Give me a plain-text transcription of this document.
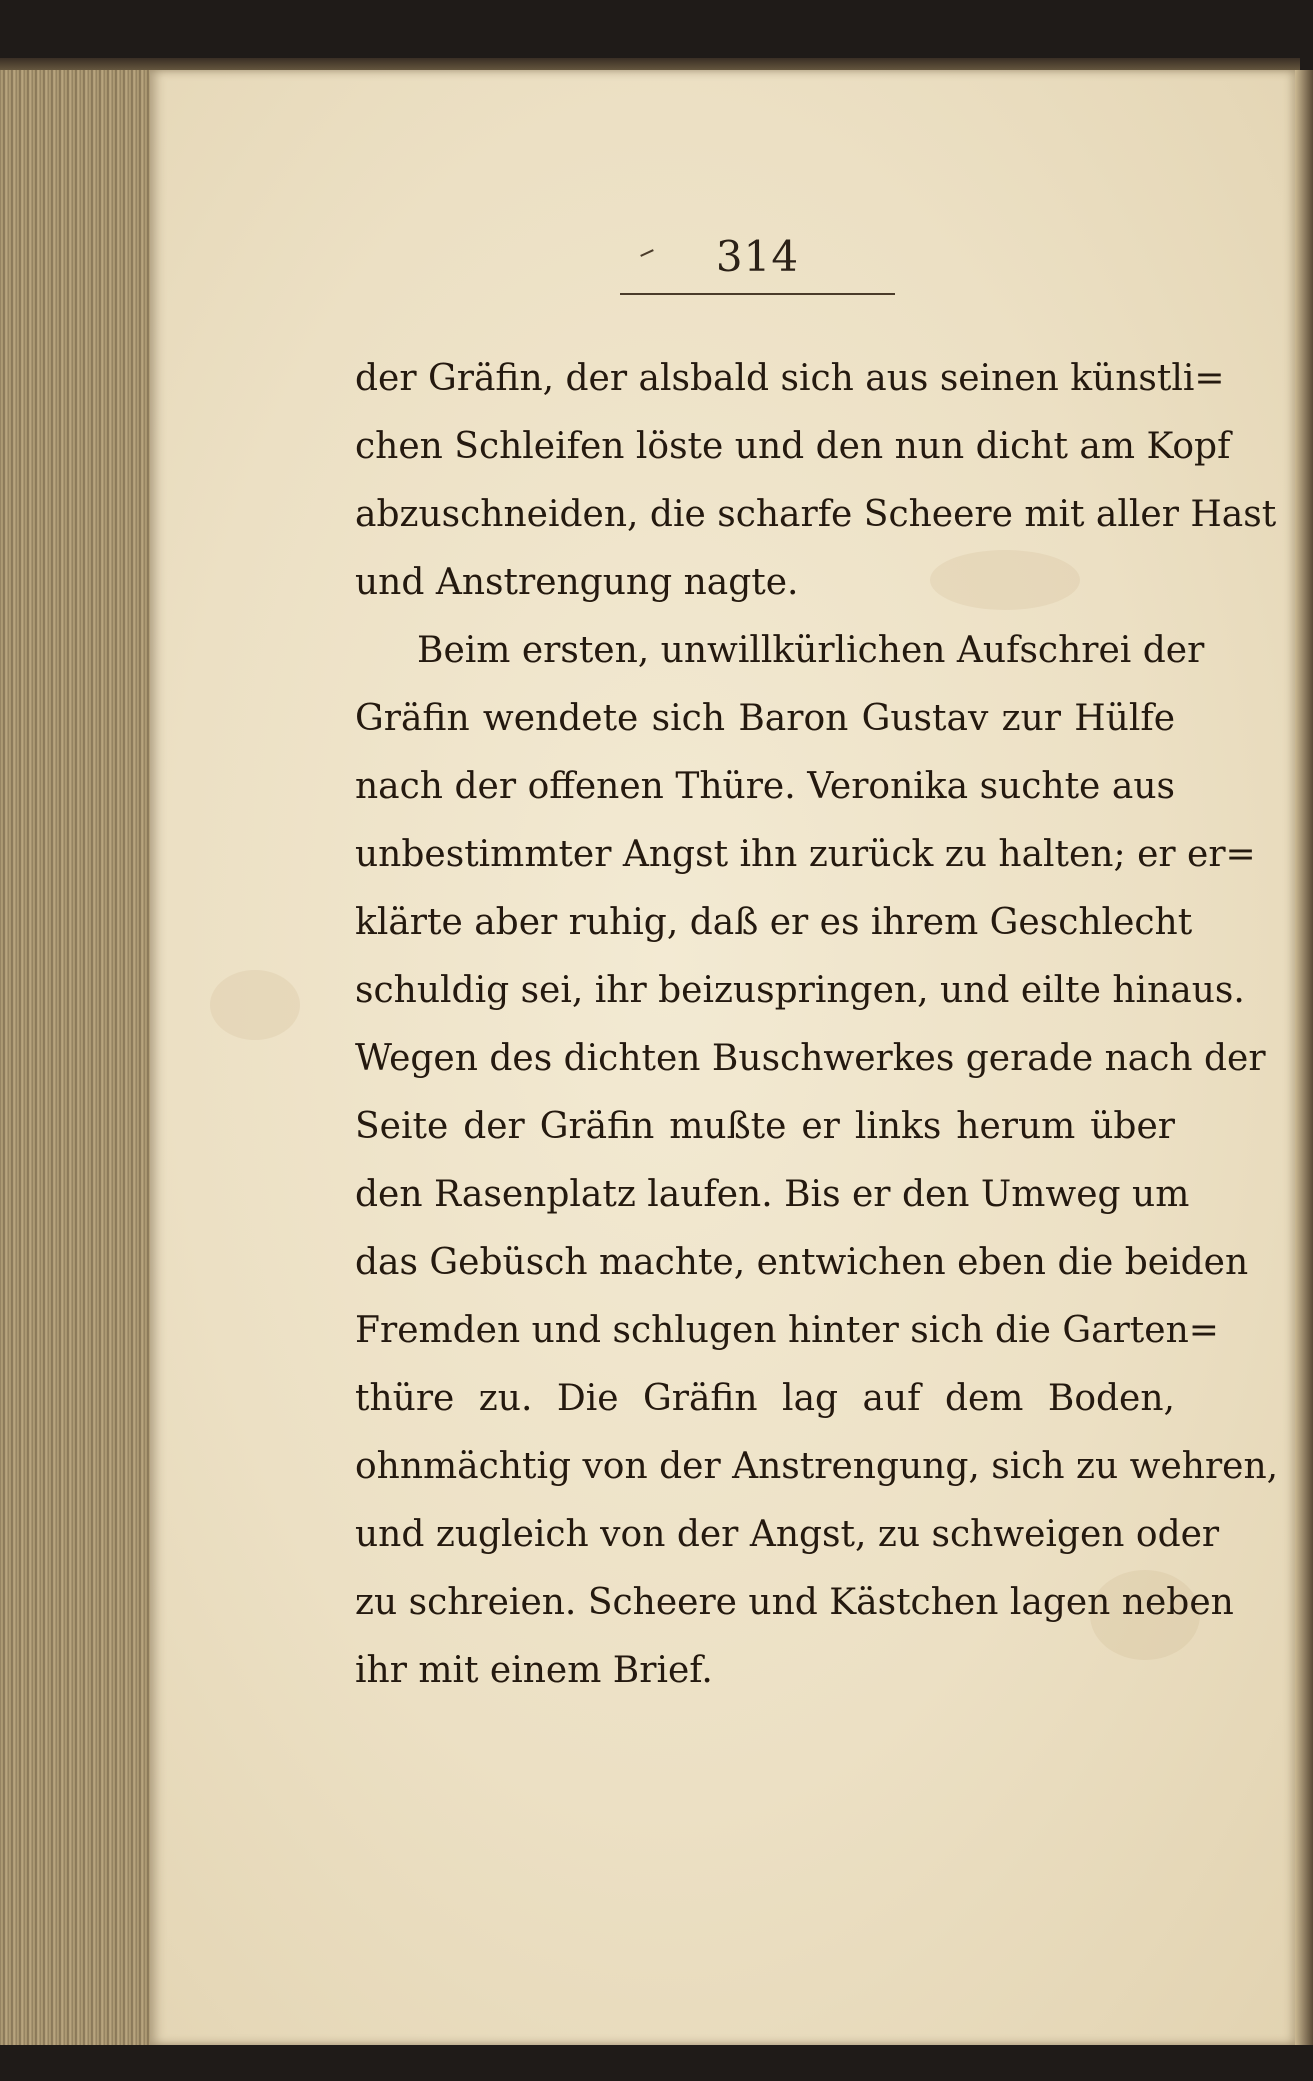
314
der Gräfin, der alsbald sich aus seinen künstli=
chen Schleifen löste und den nun dicht am Kopf
abzuschneiden, die scharfe Scheere mit aller Hast
und Anstrengung nagte.
Beim ersten, unwillkürlichen Aufschrei der
Gräfin wendete sich Baron Gustav zur Hülfe
nach der offenen Thüre. Veronika suchte aus
unbestimmter Angst ihn zurück zu halten; er er=
klärte aber ruhig, daß er es ihrem Geschlecht
schuldig sei, ihr beizuspringen, und eilte hinaus.
Wegen des dichten Buschwerkes gerade nach der
Seite der Gräfin mußte er links herum über
den Rasenplatz laufen. Bis er den Umweg um
das Gebüsch machte, entwichen eben die beiden
Fremden und schlugen hinter sich die Garten=
thüre zu. Die Gräfin lag auf dem Boden,
ohnmächtig von der Anstrengung, sich zu wehren,
und zugleich von der Angst, zu schweigen oder
zu schreien. Scheere und Kästchen lagen neben
ihr mit einem Brief.
